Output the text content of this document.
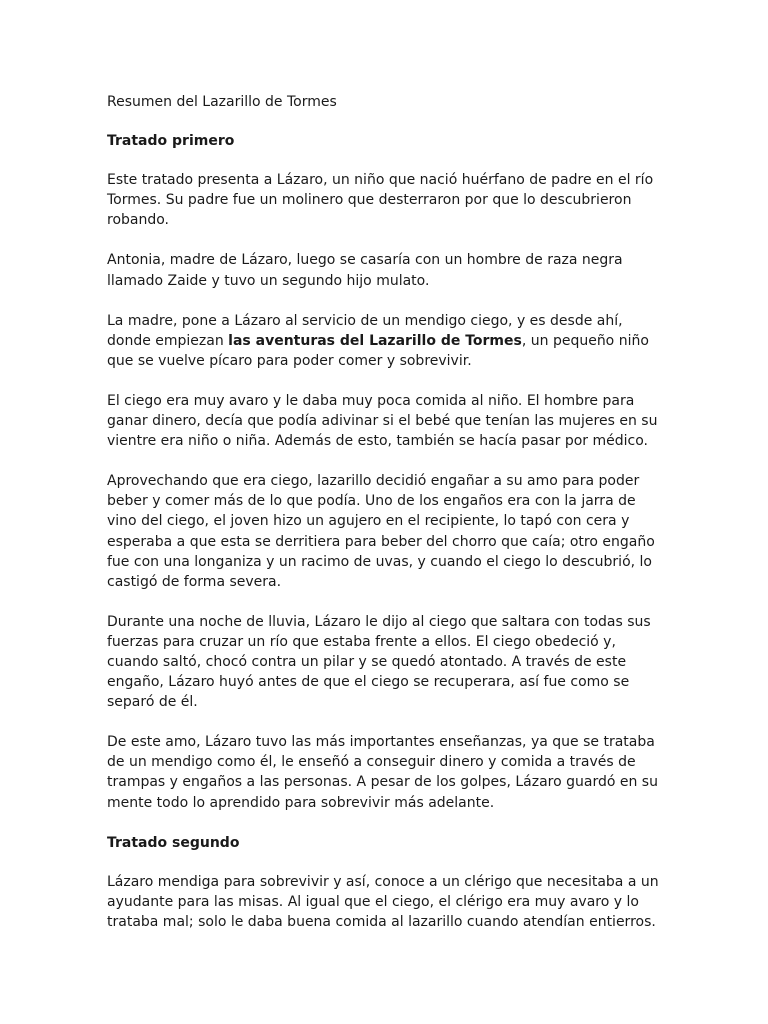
Resumen del Lazarillo de Tormes
Tratado primero

Este tratado presenta a Lázaro, un niño que nació huérfano de padre en el río Tormes. Su padre fue un molinero que desterraron por que lo descubrieron robando.

Antonia, madre de Lázaro, luego se casaría con un hombre de raza negra llamado Zaide y tuvo un segundo hijo mulato.

La madre, pone a Lázaro al servicio de un mendigo ciego, y es desde ahí, donde empiezan las aventuras del Lazarillo de Tormes, un pequeño niño que se vuelve pícaro para poder comer y sobrevivir.

El ciego era muy avaro y le daba muy poca comida al niño. El hombre para ganar dinero, decía que podía adivinar si el bebé que tenían las mujeres en su vientre era niño o niña. Además de esto, también se hacía pasar por médico.

Aprovechando que era ciego, lazarillo decidió engañar a su amo para poder beber y comer más de lo que podía. Uno de los engaños era con la jarra de vino del ciego, el joven hizo un agujero en el recipiente, lo tapó con cera y esperaba a que esta se derritiera para beber del chorro que caía; otro engaño fue con una longaniza y un racimo de uvas, y cuando el ciego lo descubrió, lo castigó de forma severa.

Durante una noche de lluvia, Lázaro le dijo al ciego que saltara con todas sus fuerzas para cruzar un río que estaba frente a ellos. El ciego obedeció y, cuando saltó, chocó contra un pilar y se quedó atontado. A través de este engaño, Lázaro huyó antes de que el ciego se recuperara, así fue como se separó de él.

De este amo, Lázaro tuvo las más importantes enseñanzas, ya que se trataba de un mendigo como él, le enseñó a conseguir dinero y comida a través de trampas y engaños a las personas. A pesar de los golpes, Lázaro guardó en su mente todo lo aprendido para sobrevivir más adelante.

Tratado segundo

Lázaro mendiga para sobrevivir y así, conoce a un clérigo que necesitaba a un ayudante para las misas. Al igual que el ciego, el clérigo era muy avaro y lo trataba mal; solo le daba buena comida al lazarillo cuando atendían entierros.
